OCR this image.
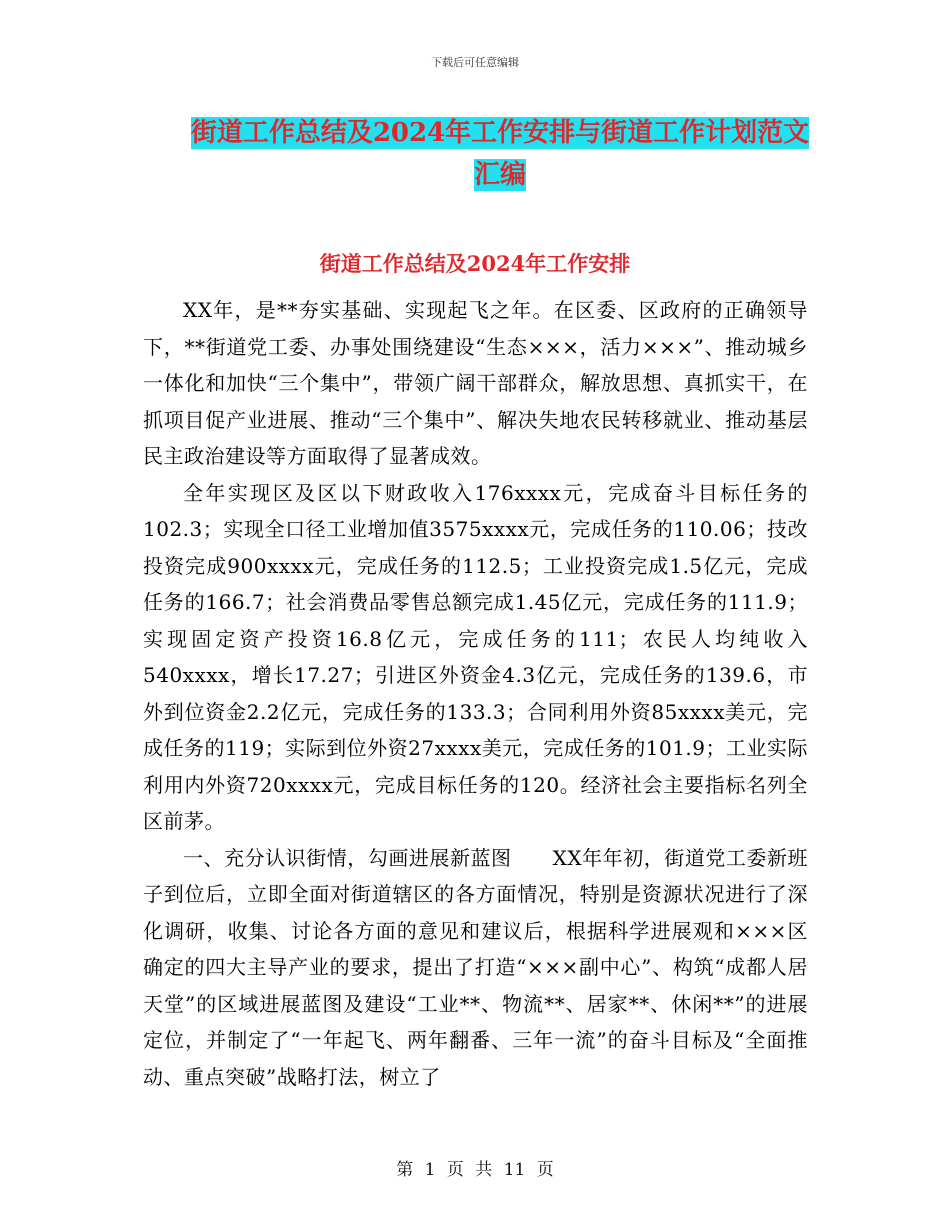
下载后可任意编辑
街道工作总结及2024年工作安排与街道工作计划范文
汇编
街道工作总结及2024年工作安排

XX年，是**夯实基础、实现起飞之年。在区委、区政府的正确领导下，**街道党工委、办事处围绕建设“生态×××，活力×××”、推动城乡一体化和加快“三个集中”，带领广阔干部群众，解放思想、真抓实干，在抓项目促产业进展、推动“三个集中”、解决失地农民转移就业、推动基层民主政治建设等方面取得了显著成效。

全年实现区及区以下财政收入176xxxx元，完成奋斗目标任务的102.3；实现全口径工业增加值3575xxxx元，完成任务的110.06；技改投资完成900xxxx元，完成任务的112.5；工业投资完成1.5亿元，完成任务的166.7；社会消费品零售总额完成1.45亿元，完成任务的111.9；实现固定资产投资16.8亿元，完成任务的111；农民人均纯收入540xxxx，增长17.27；引进区外资金4.3亿元，完成任务的139.6，市外到位资金2.2亿元，完成任务的133.3；合同利用外资85xxxx美元，完成任务的119；实际到位外资27xxxx美元，完成任务的101.9；工业实际利用内外资720xxxx元，完成目标任务的120。经济社会主要指标名列全区前茅。

一、充分认识街情，勾画进展新蓝图　　XX年年初，街道党工委新班子到位后，立即全面对街道辖区的各方面情况，特别是资源状况进行了深化调研，收集、讨论各方面的意见和建议后，根据科学进展观和×××区确定的四大主导产业的要求，提出了打造“×××副中心”、构筑“成都人居天堂”的区域进展蓝图及建设“工业**、物流**、居家**、休闲**”的进展定位，并制定了“一年起飞、两年翻番、三年一流”的奋斗目标及“全面推动、重点突破”战略打法，树立了

第 1 页 共 11 页
